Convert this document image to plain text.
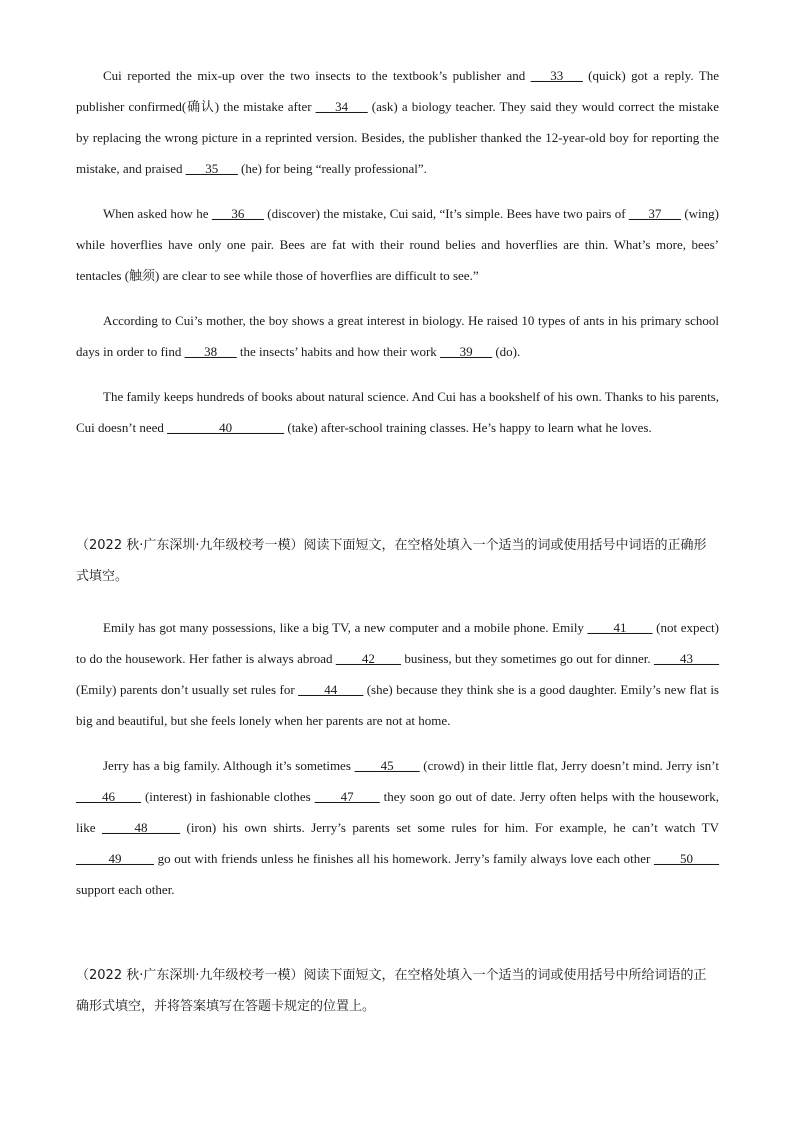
Cui reported the mix-up over the two insects to the textbook’s publisher and ___33___ (quick) got a reply. The publisher confirmed(确认) the mistake after ___34___ (ask) a biology teacher. They said they would correct the mistake by replacing the wrong picture in a reprinted version. Besides, the publisher thanked the 12-year-old boy for reporting the mistake, and praised ___35___ (he) for being “really professional”.

When asked how he ___36___ (discover) the mistake, Cui said, “It’s simple. Bees have two pairs of ___37___ (wing) while hoverflies have only one pair. Bees are fat with their round belies and hoverflies are thin. What’s more, bees’ tentacles (触须) are clear to see while those of hoverflies are difficult to see.”

According to Cui’s mother, the boy shows a great interest in biology. He raised 10 types of ants in his primary school days in order to find ___38___ the insects’ habits and how their work ___39___ (do).

The family keeps hundreds of books about natural science. And Cui has a bookshelf of his own. Thanks to his parents, Cui doesn’t need ________40________ (take) after-school training classes. He’s happy to learn what he loves.

（2022 秋·广东深圳·九年级校考一模）阅读下面短文，在空格处填入一个适当的词或使用括号中词语的正确形式填空。

Emily has got many possessions, like a big TV, a new computer and a mobile phone. Emily ____41____ (not expect) to do the housework. Her father is always abroad ____42____ business, but they sometimes go out for dinner. ____43____ (Emily) parents don’t usually set rules for ____44____ (she) because they think she is a good daughter. Emily’s new flat is big and beautiful, but she feels lonely when her parents are not at home.

Jerry has a big family. Although it’s sometimes ____45____ (crowd) in their little flat, Jerry doesn’t mind. Jerry isn’t ____46____ (interest) in fashionable clothes ____47____ they soon go out of date. Jerry often helps with the housework, like _____48_____ (iron) his own shirts. Jerry’s parents set some rules for him. For example, he can’t watch TV _____49_____ go out with friends unless he finishes all his homework. Jerry’s family always love each other ____50____ support each other.

（2022 秋·广东深圳·九年级校考一模）阅读下面短文，在空格处填入一个适当的词或使用括号中所给词语的正确形式填空，并将答案填写在答题卡规定的位置上。
